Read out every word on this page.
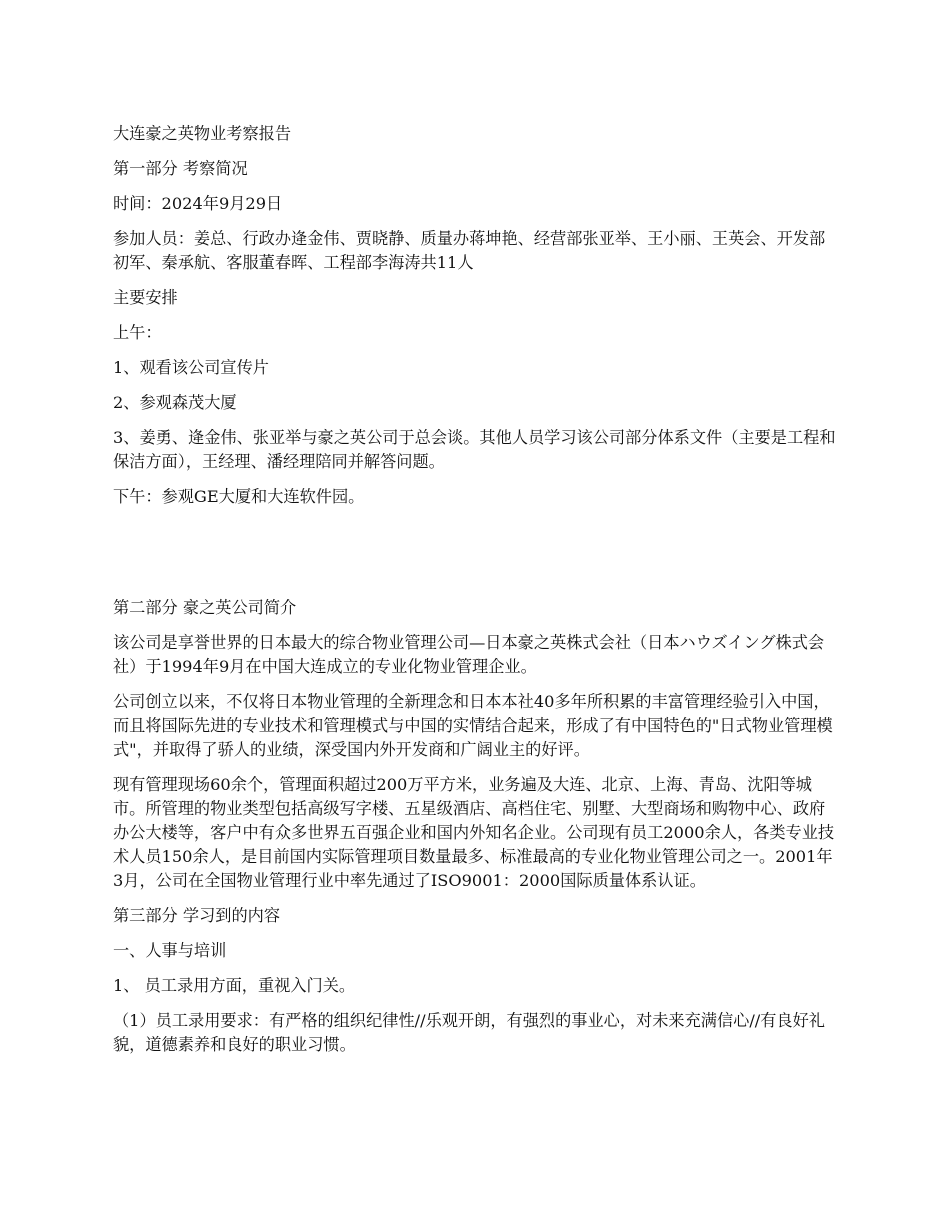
大连豪之英物业考察报告

第一部分 考察简况

时间：2024年9月29日

参加人员：姜总、行政办逄金伟、贾晓静、质量办蒋坤艳、经营部张亚举、王小丽、王英会、开发部初军、秦承航、客服董春晖、工程部李海涛共11人

主要安排

上午：

1、观看该公司宣传片

2、参观森茂大厦

3、姜勇、逄金伟、张亚举与豪之英公司于总会谈。其他人员学习该公司部分体系文件（主要是工程和保洁方面），王经理、潘经理陪同并解答问题。

下午：参观GE大厦和大连软件园。

第二部分 豪之英公司简介

该公司是享誉世界的日本最大的综合物业管理公司—日本豪之英株式会社（日本ハウズイング株式会社）于1994年9月在中国大连成立的专业化物业管理企业。

公司创立以来，不仅将日本物业管理的全新理念和日本本社40多年所积累的丰富管理经验引入中国，而且将国际先进的专业技术和管理模式与中国的实情结合起来，形成了有中国特色的"日式物业管理模式"，并取得了骄人的业绩，深受国内外开发商和广阔业主的好评。

现有管理现场60余个，管理面积超过200万平方米，业务遍及大连、北京、上海、青岛、沈阳等城市。所管理的物业类型包括高级写字楼、五星级酒店、高档住宅、别墅、大型商场和购物中心、政府办公大楼等，客户中有众多世界五百强企业和国内外知名企业。公司现有员工2000余人，各类专业技术人员150余人，是目前国内实际管理项目数量最多、标准最高的专业化物业管理公司之一。2001年3月，公司在全国物业管理行业中率先通过了ISO9001：2000国际质量体系认证。

第三部分 学习到的内容

一、人事与培训

1、 员工录用方面，重视入门关。

（1）员工录用要求：有严格的组织纪律性//乐观开朗，有强烈的事业心，对未来充满信心//有良好礼貌，道德素养和良好的职业习惯。
